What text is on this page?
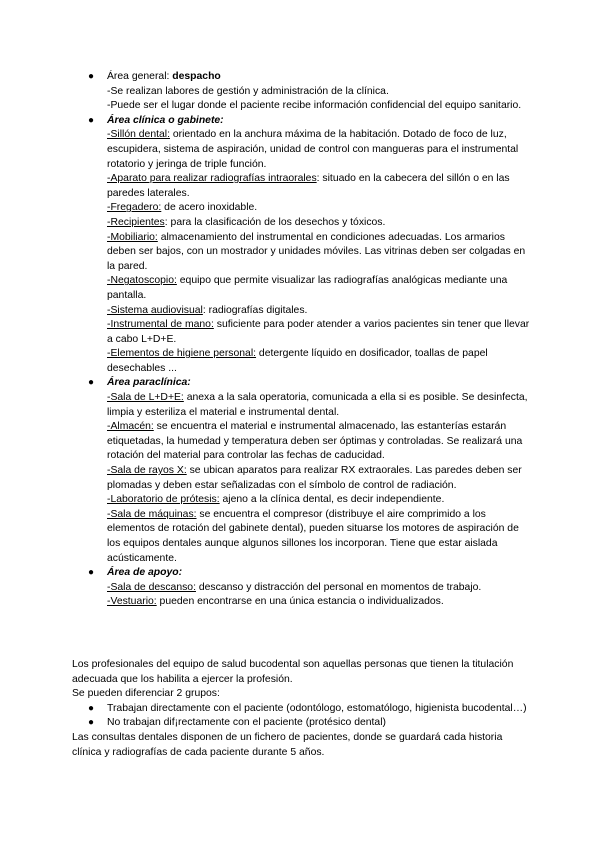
● Área general: despacho
-Se realizan labores de gestión y administración de la clínica.
-Puede ser el lugar donde el paciente recibe información confidencial del equipo sanitario.
● Área clínica o gabinete:
-Sillón dental: orientado en la anchura máxima de la habitación. Dotado de foco de luz, escupidera, sistema de aspiración, unidad de control con mangueras para el instrumental rotatorio y jeringa de triple función.
-Aparato para realizar radiografías intraorales: situado en la cabecera del sillón o en las paredes laterales.
-Fregadero: de acero inoxidable.
-Recipientes: para la clasificación de los desechos y tóxicos.
-Mobiliario: almacenamiento del instrumental en condiciones adecuadas. Los armarios deben ser bajos, con un mostrador y unidades móviles. Las vitrinas deben ser colgadas en la pared.
-Negatoscopio: equipo que permite visualizar las radiografías analógicas mediante una pantalla.
-Sistema audiovisual: radiografías digitales.
-Instrumental de mano: suficiente para poder atender a varios pacientes sin tener que llevar a cabo L+D+E.
-Elementos de higiene personal: detergente líquido en dosificador, toallas de papel desechables ...
● Área paraclínica:
-Sala de L+D+E: anexa a la sala operatoria, comunicada a ella si es posible. Se desinfecta, limpia y esteriliza el material e instrumental dental.
-Almacén: se encuentra el material e instrumental almacenado, las estanterías estarán etiquetadas, la humedad y temperatura deben ser óptimas y controladas. Se realizará una rotación del material para controlar las fechas de caducidad.
-Sala de rayos X: se ubican aparatos para realizar RX extraorales. Las paredes deben ser plomadas y deben estar señalizadas con el símbolo de control de radiación.
-Laboratorio de prótesis: ajeno a la clínica dental, es decir independiente.
-Sala de máquinas: se encuentra el compresor (distribuye el aire comprimido a los elementos de rotación del gabinete dental), pueden situarse los motores de aspiración de los equipos dentales aunque algunos sillones los incorporan. Tiene que estar aislada acústicamente.
● Área de apoyo:
-Sala de descanso: descanso y distracción del personal en momentos de trabajo.
-Vestuario: pueden encontrarse en una única estancia o individualizados.

Los profesionales del equipo de salud bucodental son aquellas personas que tienen la titulación adecuada que los habilita a ejercer la profesión.

Se pueden diferenciar 2 grupos:

● Trabajan directamente con el paciente (odontólogo, estomatólogo, higienista bucodental…)
● No trabajan dif¡rectamente con el paciente (protésico dental)

Las consultas dentales disponen de un fichero de pacientes, donde se guardará cada historia clínica y radiografías de cada paciente durante 5 años.
